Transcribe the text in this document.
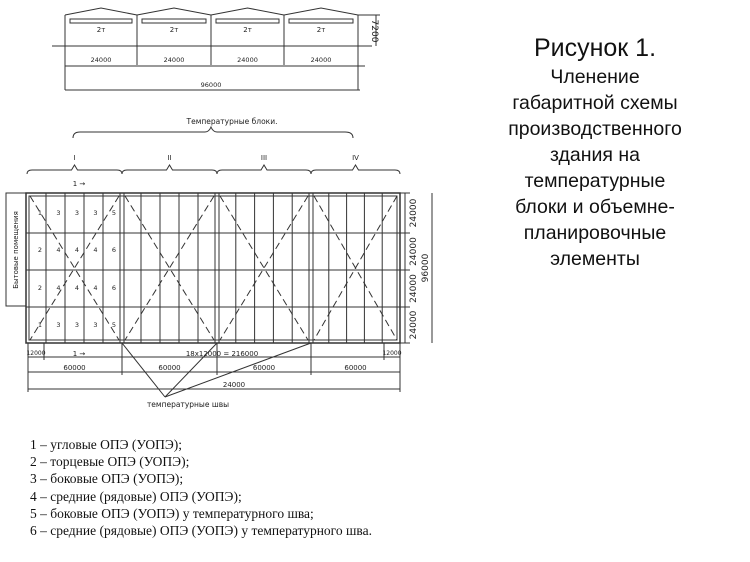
2т
24000
2т
24000
2т
24000
2т
24000
96000
7200
Температурные блоки.
I	II	III	IV
1 →
1 →
Бытовые помещения	1 3 3 3 5
2 4 4 4 6
2 4 4 4 6
1 3 3 3 5
24000
24000
24000
24000
96000
12000	12000
18x12000 = 216000
60000	60000	60000	60000
24000
температурные швы
Рисунок 1.
Членение
габаритной схемы
производственного
здания на
температурные
блоки и объемне-
планировочные
элементы
1 – угловые ОПЭ (УОПЭ);
2 – торцевые ОПЭ (УОПЭ);
3 – боковые ОПЭ (УОПЭ);
4 – средние (рядовые) ОПЭ (УОПЭ);
5 – боковые ОПЭ (УОПЭ) у температурного шва;
6 – средние (рядовые) ОПЭ (УОПЭ) у температурного шва.
